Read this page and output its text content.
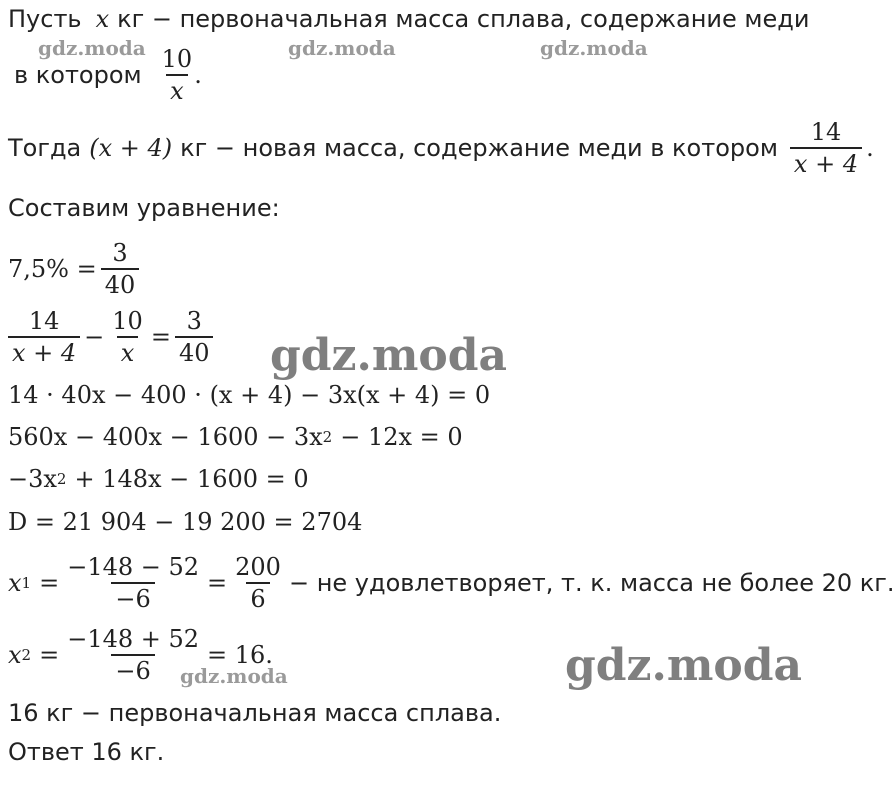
Пусть x кг − первоначальная масса сплава, содержание меди
gdz.moda	gdz.moda	gdz.moda
в котором $\frac{10}{x}$
.
Тогда (x + 4) кг − новая масса, содержание меди в котором $\frac{14}{x + 4}$ .
Составим уравнение:
$7,5\% = \frac{3}{40}$
$\frac{14}{x + 4} - \frac{10}{x} = \frac{3}{40}$ gdz.moda
14 · 40x − 400 · (x + 4) − 3x(x + 4) = 0
560x − 400x − 1600 − 3x 2 − 12x = 0
−3x 2 + 148x − 1600 = 0
D = 21 904 − 19 200 = 2704
x $1 = \frac{-148 - 52}{-6} = \frac{200}{6}$ − не удовлетворяет, т. к. масса не более 20 кг.
x $2 = \frac{-148 + 52}{-6} = 16$.
gdz.moda	gdz.moda
16 кг − первоначальная масса сплава.
Ответ 16 кг.
